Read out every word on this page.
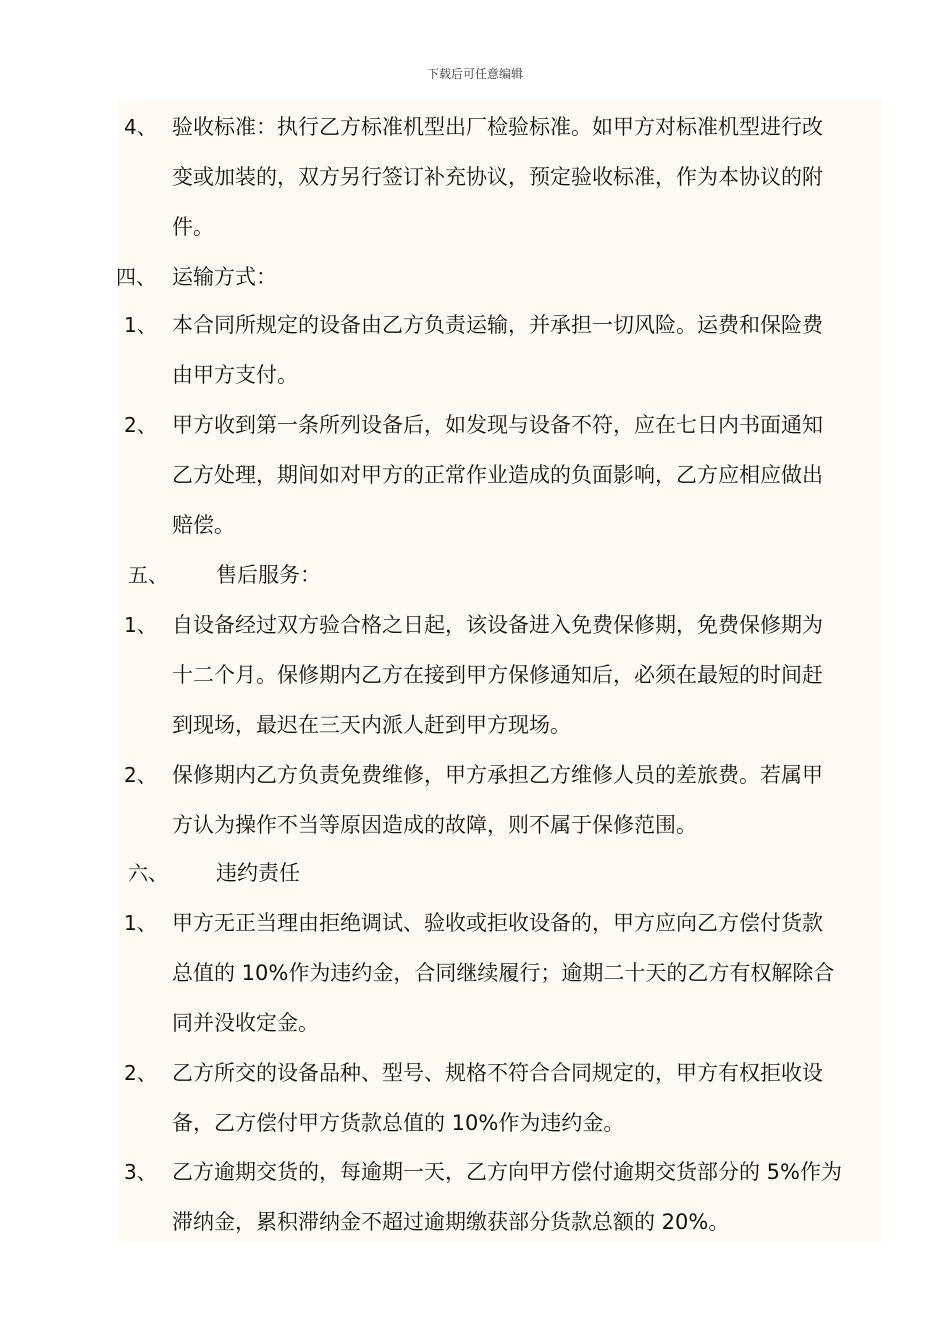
下载后可任意编辑
4、 验收标准：执行乙方标准机型出厂检验标准。如甲方对标准机型进行改
变或加装的，双方另行签订补充协议，预定验收标准，作为本协议的附
件。
四、 运输方式：
1、 本合同所规定的设备由乙方负责运输，并承担一切风险。运费和保险费
由甲方支付。
2、 甲方收到第一条所列设备后，如发现与设备不符，应在七日内书面通知
乙方处理，期间如对甲方的正常作业造成的负面影响，乙方应相应做出
赔偿。
五、 售后服务：
1、 自设备经过双方验合格之日起，该设备进入免费保修期，免费保修期为
十二个月。保修期内乙方在接到甲方保修通知后，必须在最短的时间赶
到现场，最迟在三天内派人赶到甲方现场。
2、 保修期内乙方负责免费维修，甲方承担乙方维修人员的差旅费。若属甲
方认为操作不当等原因造成的故障，则不属于保修范围。
六、 违约责任
1、 甲方无正当理由拒绝调试、验收或拒收设备的，甲方应向乙方偿付货款
总值的 10%作为违约金，合同继续履行；逾期二十天的乙方有权解除合
同并没收定金。
2、 乙方所交的设备品种、型号、规格不符合合同规定的，甲方有权拒收设
备，乙方偿付甲方货款总值的 10%作为违约金。
3、 乙方逾期交货的，每逾期一天，乙方向甲方偿付逾期交货部分的 5%作为
滞纳金，累积滞纳金不超过逾期缴获部分货款总额的 20%。
